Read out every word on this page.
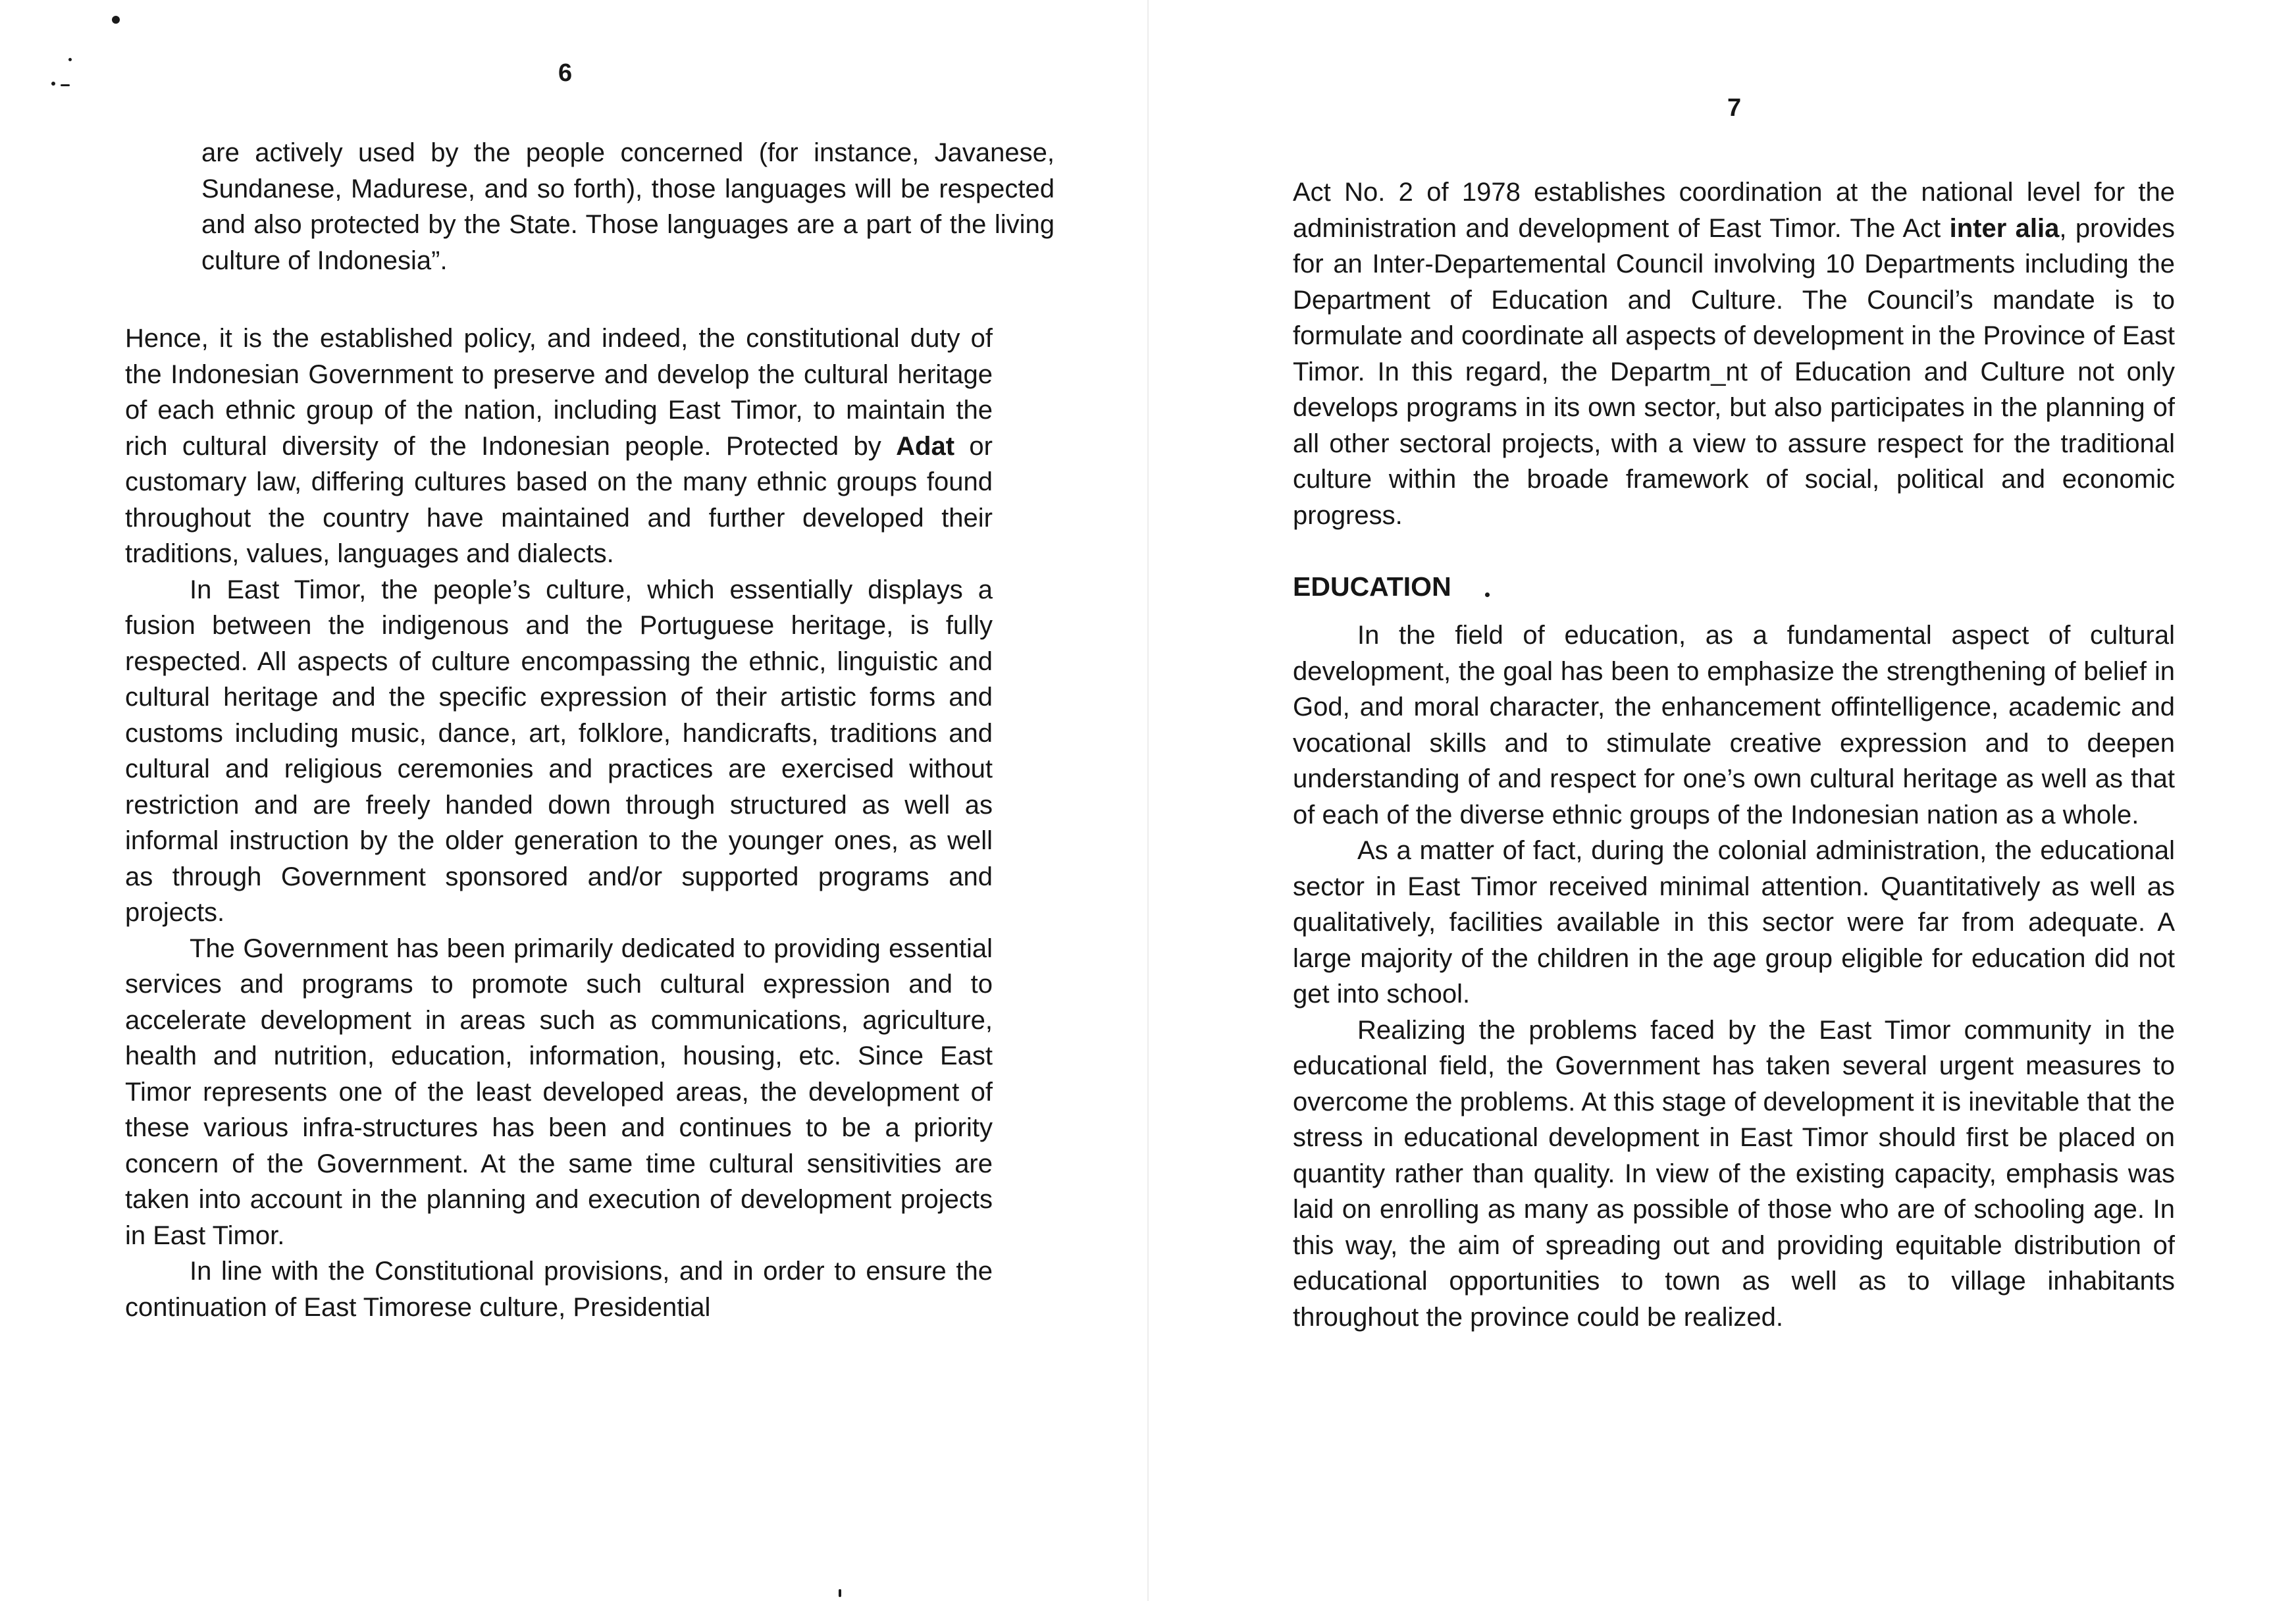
6

are actively used by the people concerned (for instance, Javanese, Sundanese, Madurese, and so forth), those languages will be respected and also protected by the State. Those languages are a part of the living culture of Indonesia”.

Hence, it is the established policy, and indeed, the constitutional duty of the Indonesian Government to preserve and develop the cultural heritage of each ethnic group of the nation, including East Timor, to maintain the rich cultural diversity of the Indonesian people. Protected by Adat or customary law, differing cultures based on the many ethnic groups found throughout the country have maintained and further developed their traditions, values, languages and dialects.

In East Timor, the people’s culture, which essentially displays a fusion between the indigenous and the Portuguese heritage, is fully respected. All aspects of culture encompassing the ethnic, linguistic and cultural heritage and the specific expression of their artistic forms and customs including music, dance, art, folklore, handicrafts, traditions and cultural and religious ceremonies and practices are exercised without restriction and are freely handed down through structured as well as informal instruction by the older generation to the younger ones, as well as through Government sponsored and/or supported programs and projects.

The Government has been primarily dedicated to providing essential services and programs to promote such cultural expression and to accelerate development in areas such as communications, agriculture, health and nutrition, education, information, housing, etc. Since East Timor represents one of the least developed areas, the development of these various infra-structures has been and continues to be a priority concern of the Government. At the same time cultural sensitivities are taken into account in the planning and execution of development projects in East Timor.

In line with the Constitutional provisions, and in order to ensure the continuation of East Timorese culture, Presidential

7

Act No. 2 of 1978 establishes coordination at the national level for the administration and development of East Timor. The Act inter alia, provides for an Inter-Departemental Council involving 10 Departments including the Department of Education and Culture. The Council’s mandate is to formulate and coordinate all aspects of development in the Province of East Timor. In this regard, the Departm_nt of Education and Culture not only develops programs in its own sector, but also participates in the planning of all other sectoral projects, with a view to assure respect for the traditional culture within the broade framework of social, political and economic progress.

EDUCATION

In the field of education, as a fundamental aspect of cultural development, the goal has been to emphasize the strengthening of belief in God, and moral character, the enhancement offintelligence, academic and vocational skills and to stimulate creative expression and to deepen understanding of and respect for one’s own cultural heritage as well as that of each of the diverse ethnic groups of the Indonesian nation as a whole.

As a matter of fact, during the colonial administration, the educational sector in East Timor received minimal attention. Quantitatively as well as qualitatively, facilities available in this sector were far from adequate. A large majority of the children in the age group eligible for education did not get into school.

Realizing the problems faced by the East Timor community in the educational field, the Government has taken several urgent measures to overcome the problems. At this stage of development it is inevitable that the stress in educational development in East Timor should first be placed on quantity rather than quality. In view of the existing capacity, emphasis was laid on enrolling as many as possible of those who are of schooling age. In this way, the aim of spreading out and providing equitable distribution of educational opportunities to town as well as to village inhabitants throughout the province could be realized.
